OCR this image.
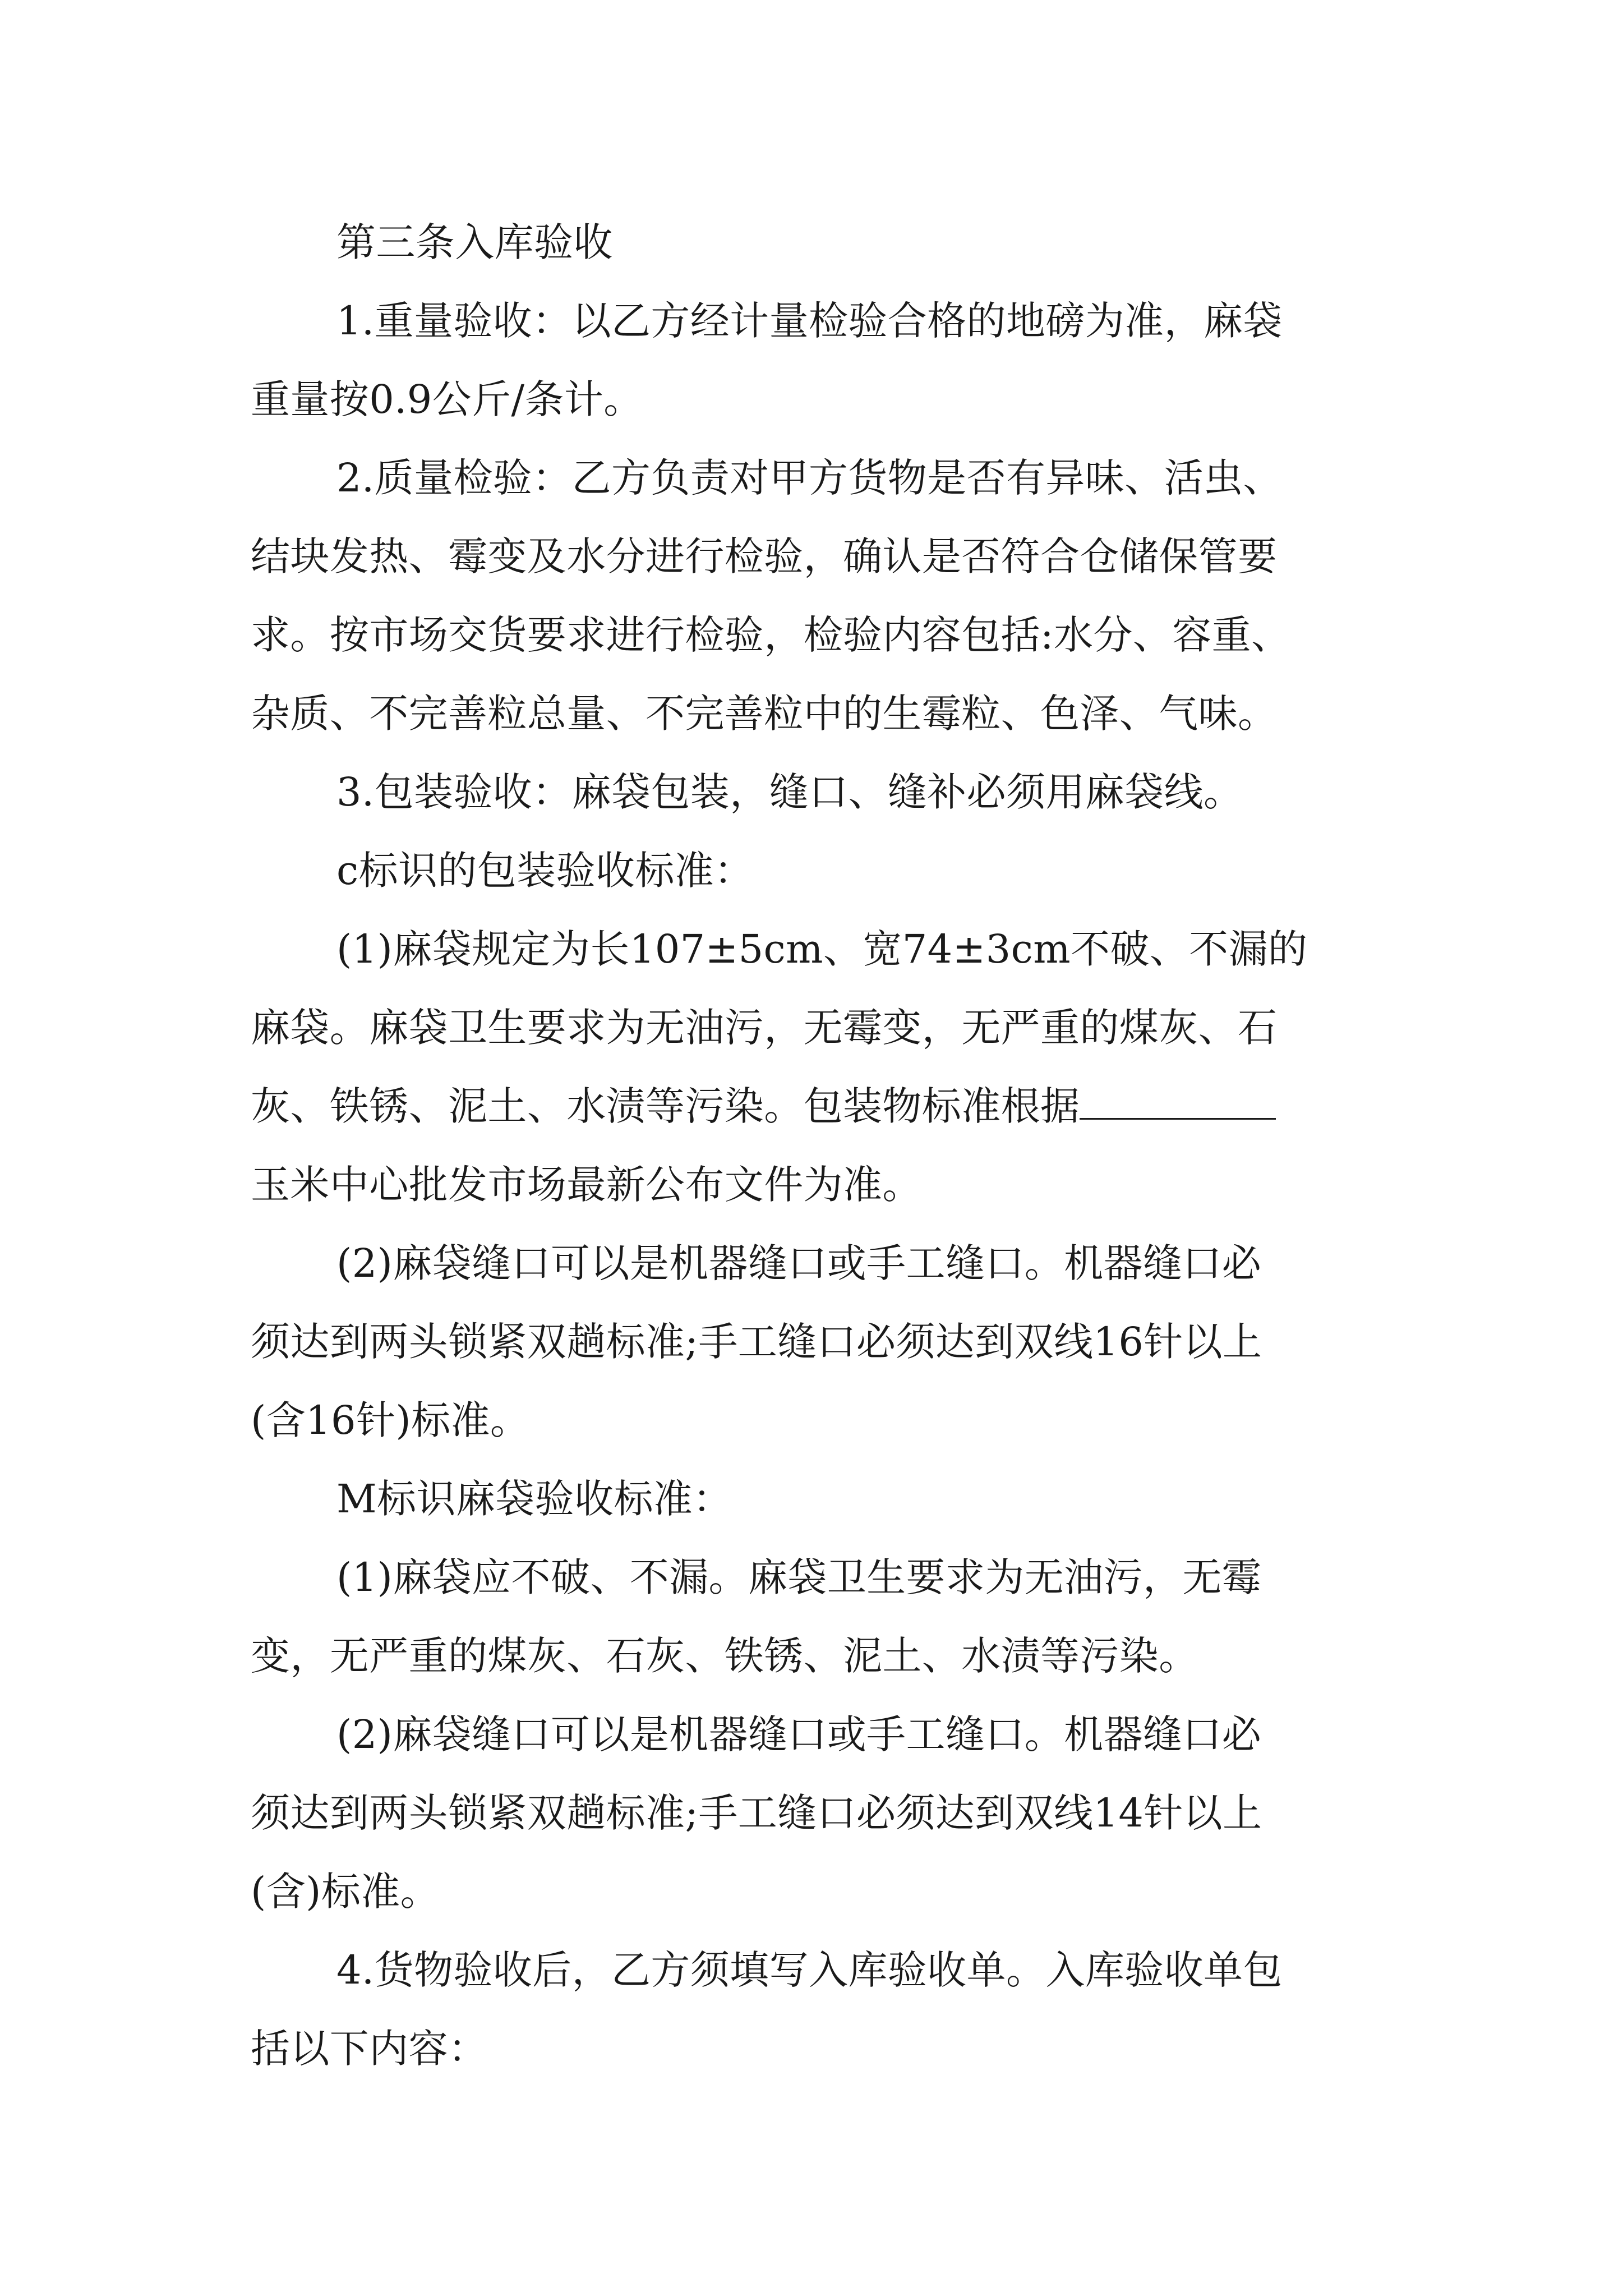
第三条入库验收
1.重量验收：以乙方经计量检验合格的地磅为准，麻袋
重量按0.9公斤/条计。
2.质量检验：乙方负责对甲方货物是否有异味、活虫、
结块发热、霉变及水分进行检验，确认是否符合仓储保管要
求。按市场交货要求进行检验，检验内容包括:水分、容重、
杂质、不完善粒总量、不完善粒中的生霉粒、色泽、气味。
3.包装验收：麻袋包装，缝口、缝补必须用麻袋线。
c标识的包装验收标准：
(1)麻袋规定为长107±5cm、宽74±3cm不破、不漏的
麻袋。麻袋卫生要求为无油污，无霉变，无严重的煤灰、石
灰、铁锈、泥土、水渍等污染。包装物标准根据
玉米中心批发市场最新公布文件为准。
(2)麻袋缝口可以是机器缝口或手工缝口。机器缝口必
须达到两头锁紧双趟标准;手工缝口必须达到双线16针以上
(含16针)标准。
M标识麻袋验收标准：
(1)麻袋应不破、不漏。麻袋卫生要求为无油污，无霉
变，无严重的煤灰、石灰、铁锈、泥土、水渍等污染。
(2)麻袋缝口可以是机器缝口或手工缝口。机器缝口必
须达到两头锁紧双趟标准;手工缝口必须达到双线14针以上
(含)标准。
4.货物验收后，乙方须填写入库验收单。入库验收单包
括以下内容：
